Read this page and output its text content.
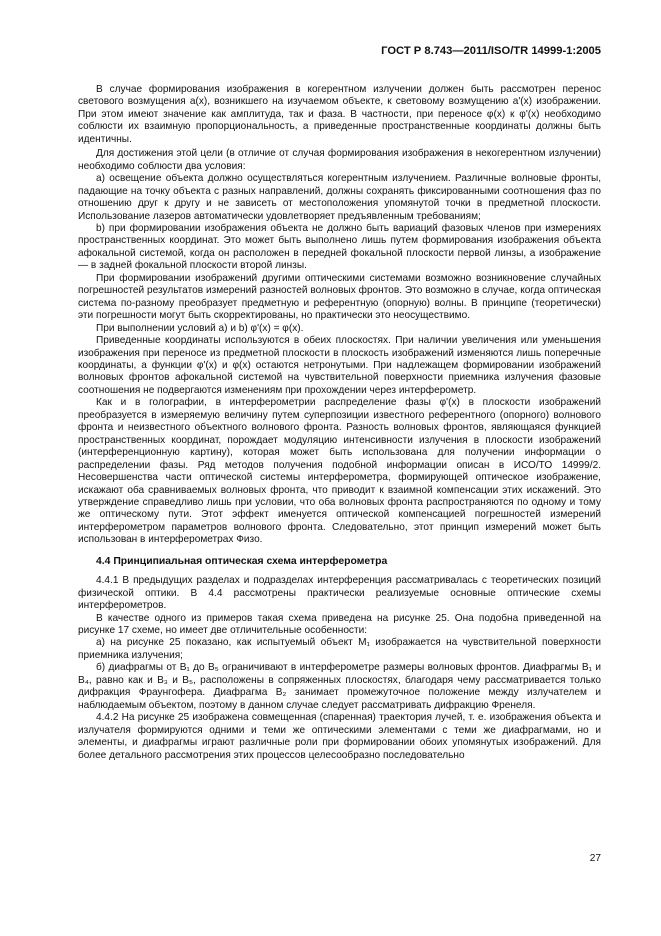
ГОСТ Р 8.743—2011/ISO/TR 14999-1:2005

В случае формирования изображения в когерентном излучении должен быть рассмотрен перенос светового возмущения a(x), возникшего на изучаемом объекте, к световому возмущению a'(x) изображении. При этом имеют значение как амплитуда, так и фаза. В частности, при переносе φ(x) к φ'(x) необходимо соблюсти их взаимную пропорциональность, а приведенные пространственные координаты должны быть идентичны.

Для достижения этой цели (в отличие от случая формирования изображения в некогерентном излучении) необходимо соблюсти два условия:

а) освещение объекта должно осуществляться когерентным излучением. Различные волновые фронты, падающие на точку объекта с разных направлений, должны сохранять фиксированными соотношения фаз по отношению друг к другу и не зависеть от местоположения упомянутой точки в предметной плоскости. Использование лазеров автоматически удовлетворяет предъявленным требованиям;

b) при формировании изображения объекта не должно быть вариаций фазовых членов при измерениях пространственных координат. Это может быть выполнено лишь путем формирования изображения объекта афокальной системой, когда он расположен в передней фокальной плоскости первой линзы, а изображение — в задней фокальной плоскости второй линзы.

При формировании изображений другими оптическими системами возможно возникновение случайных погрешностей результатов измерений разностей волновых фронтов. Это возможно в случае, когда оптическая система по-разному преобразует предметную и референтную (опорную) волны. В принципе (теоретически) эти погрешности могут быть скорректированы, но практически это неосуществимо.

При выполнении условий а) и b) φ'(x) = φ(x).

Приведенные координаты используются в обеих плоскостях. При наличии увеличения или уменьшения изображения при переносе из предметной плоскости в плоскость изображений изменяются лишь поперечные координаты, а функции φ'(x) и φ(x) остаются нетронутыми. При надлежащем формировании изображений волновых фронтов афокальной системой на чувствительной поверхности приемника излучения фазовые соотношения не подвергаются изменениям при прохождении через интерферометр.

Как и в голографии, в интерферометрии распределение фазы φ'(x) в плоскости изображений преобразуется в измеряемую величину путем суперпозиции известного референтного (опорного) волнового фронта и неизвестного объектного волнового фронта. Разность волновых фронтов, являющаяся функцией пространственных координат, порождает модуляцию интенсивности излучения в плоскости изображений (интерференционную картину), которая может быть использована для получении информации о распределении фазы. Ряд методов получения подобной информации описан в ИСО/ТО 14999/2. Несовершенства части оптической системы интерферометра, формирующей оптическое изображение, искажают оба сравниваемых волновых фронта, что приводит к взаимной компенсации этих искажений. Это утверждение справедливо лишь при условии, что оба волновых фронта распространяются по одному и тому же оптическому пути. Этот эффект именуется оптической компенсацией погрешностей измерений интерферометром параметров волнового фронта. Следовательно, этот принцип измерений может быть использован в интерферометрах Физо.

4.4 Принципиальная оптическая схема интерферометра

4.4.1 В предыдущих разделах и подразделах интерференция рассматривалась с теоретических позиций физической оптики. В 4.4 рассмотрены практически реализуемые основные оптические схемы интерферометров.

В качестве одного из примеров такая схема приведена на рисунке 25. Она подобна приведенной на рисунке 17 схеме, но имеет две отличительные особенности:

а) на рисунке 25 показано, как испытуемый объект M₁ изображается на чувствительной поверхности приемника излучения;

б) диафрагмы от B₁ до B₅ ограничивают в интерферометре размеры волновых фронтов. Диафрагмы B₁ и B₄, равно как и B₃ и B₅, расположены в сопряженных плоскостях, благодаря чему рассматривается только дифракция Фраунгофера. Диафрагма B₂ занимает промежуточное положение между излучателем и наблюдаемым объектом, поэтому в данном случае следует рассматривать дифракцию Френеля.

4.4.2 На рисунке 25 изображена совмещенная (спаренная) траектория лучей, т. е. изображения объекта и излучателя формируются одними и теми же оптическими элементами с теми же диафрагмами, но и элементы, и диафрагмы играют различные роли при формировании обоих упомянутых изображений. Для более детального рассмотрения этих процессов целесообразно последовательно

27
